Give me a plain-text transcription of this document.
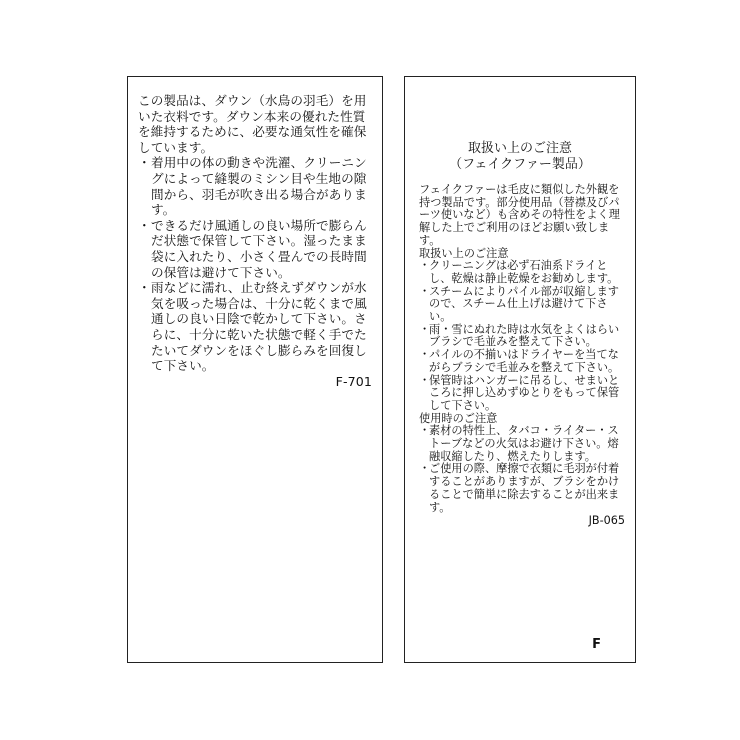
この製品は、ダウン（水鳥の羽毛）を用いた衣料です。ダウン本来の優れた性質を維持するために、必要な通気性を確保しています。

・ 着用中の体の動きや洗濯、クリーニングによって縫製のミシン目や生地の隙間から、羽毛が吹き出る場合があります。
・ できるだけ風通しの良い場所で膨らんだ状態で保管して下さい。湿ったまま袋に入れたり、小さく畳んでの長時間の保管は避けて下さい。
・ 雨などに濡れ、止む終えずダウンが水気を吸った場合は、十分に乾くまで風通しの良い日陰で乾かして下さい。さらに、十分に乾いた状態で軽く手でたたいてダウンをほぐし膨らみを回復して下さい。
F-701
取扱い上のご注意
（フェイクファー製品）

フェイクファーは毛皮に類似した外観を持つ製品です。部分使用品（替襟及びパーツ使いなど）も含めその特性をよく理解した上でご利用のほどお願い致します。

取扱い上のご注意

・
クリーニングは必ず石油系ドライとし、乾燥は静止乾燥をお勧めします。
・
スチームによりパイル部が収縮しますので、スチーム仕上げは避けて下さい。
・
雨・雪にぬれた時は水気をよくはらいブラシで毛並みを整えて下さい。
・
パイルの不揃いはドライヤーを当てながらブラシで毛並みを整えて下さい。
・
保管時はハンガーに吊るし、せまいところに押し込めずゆとりをもって保管して下さい。

使用時のご注意

・
素材の特性上、タバコ・ライター・ストーブなどの火気はお避け下さい。熔融収縮したり、燃えたりします。
・
ご使用の際、摩擦で衣類に毛羽が付着することがありますが、ブラシをかけることで簡単に除去することが出来ます。
JB-065
F
